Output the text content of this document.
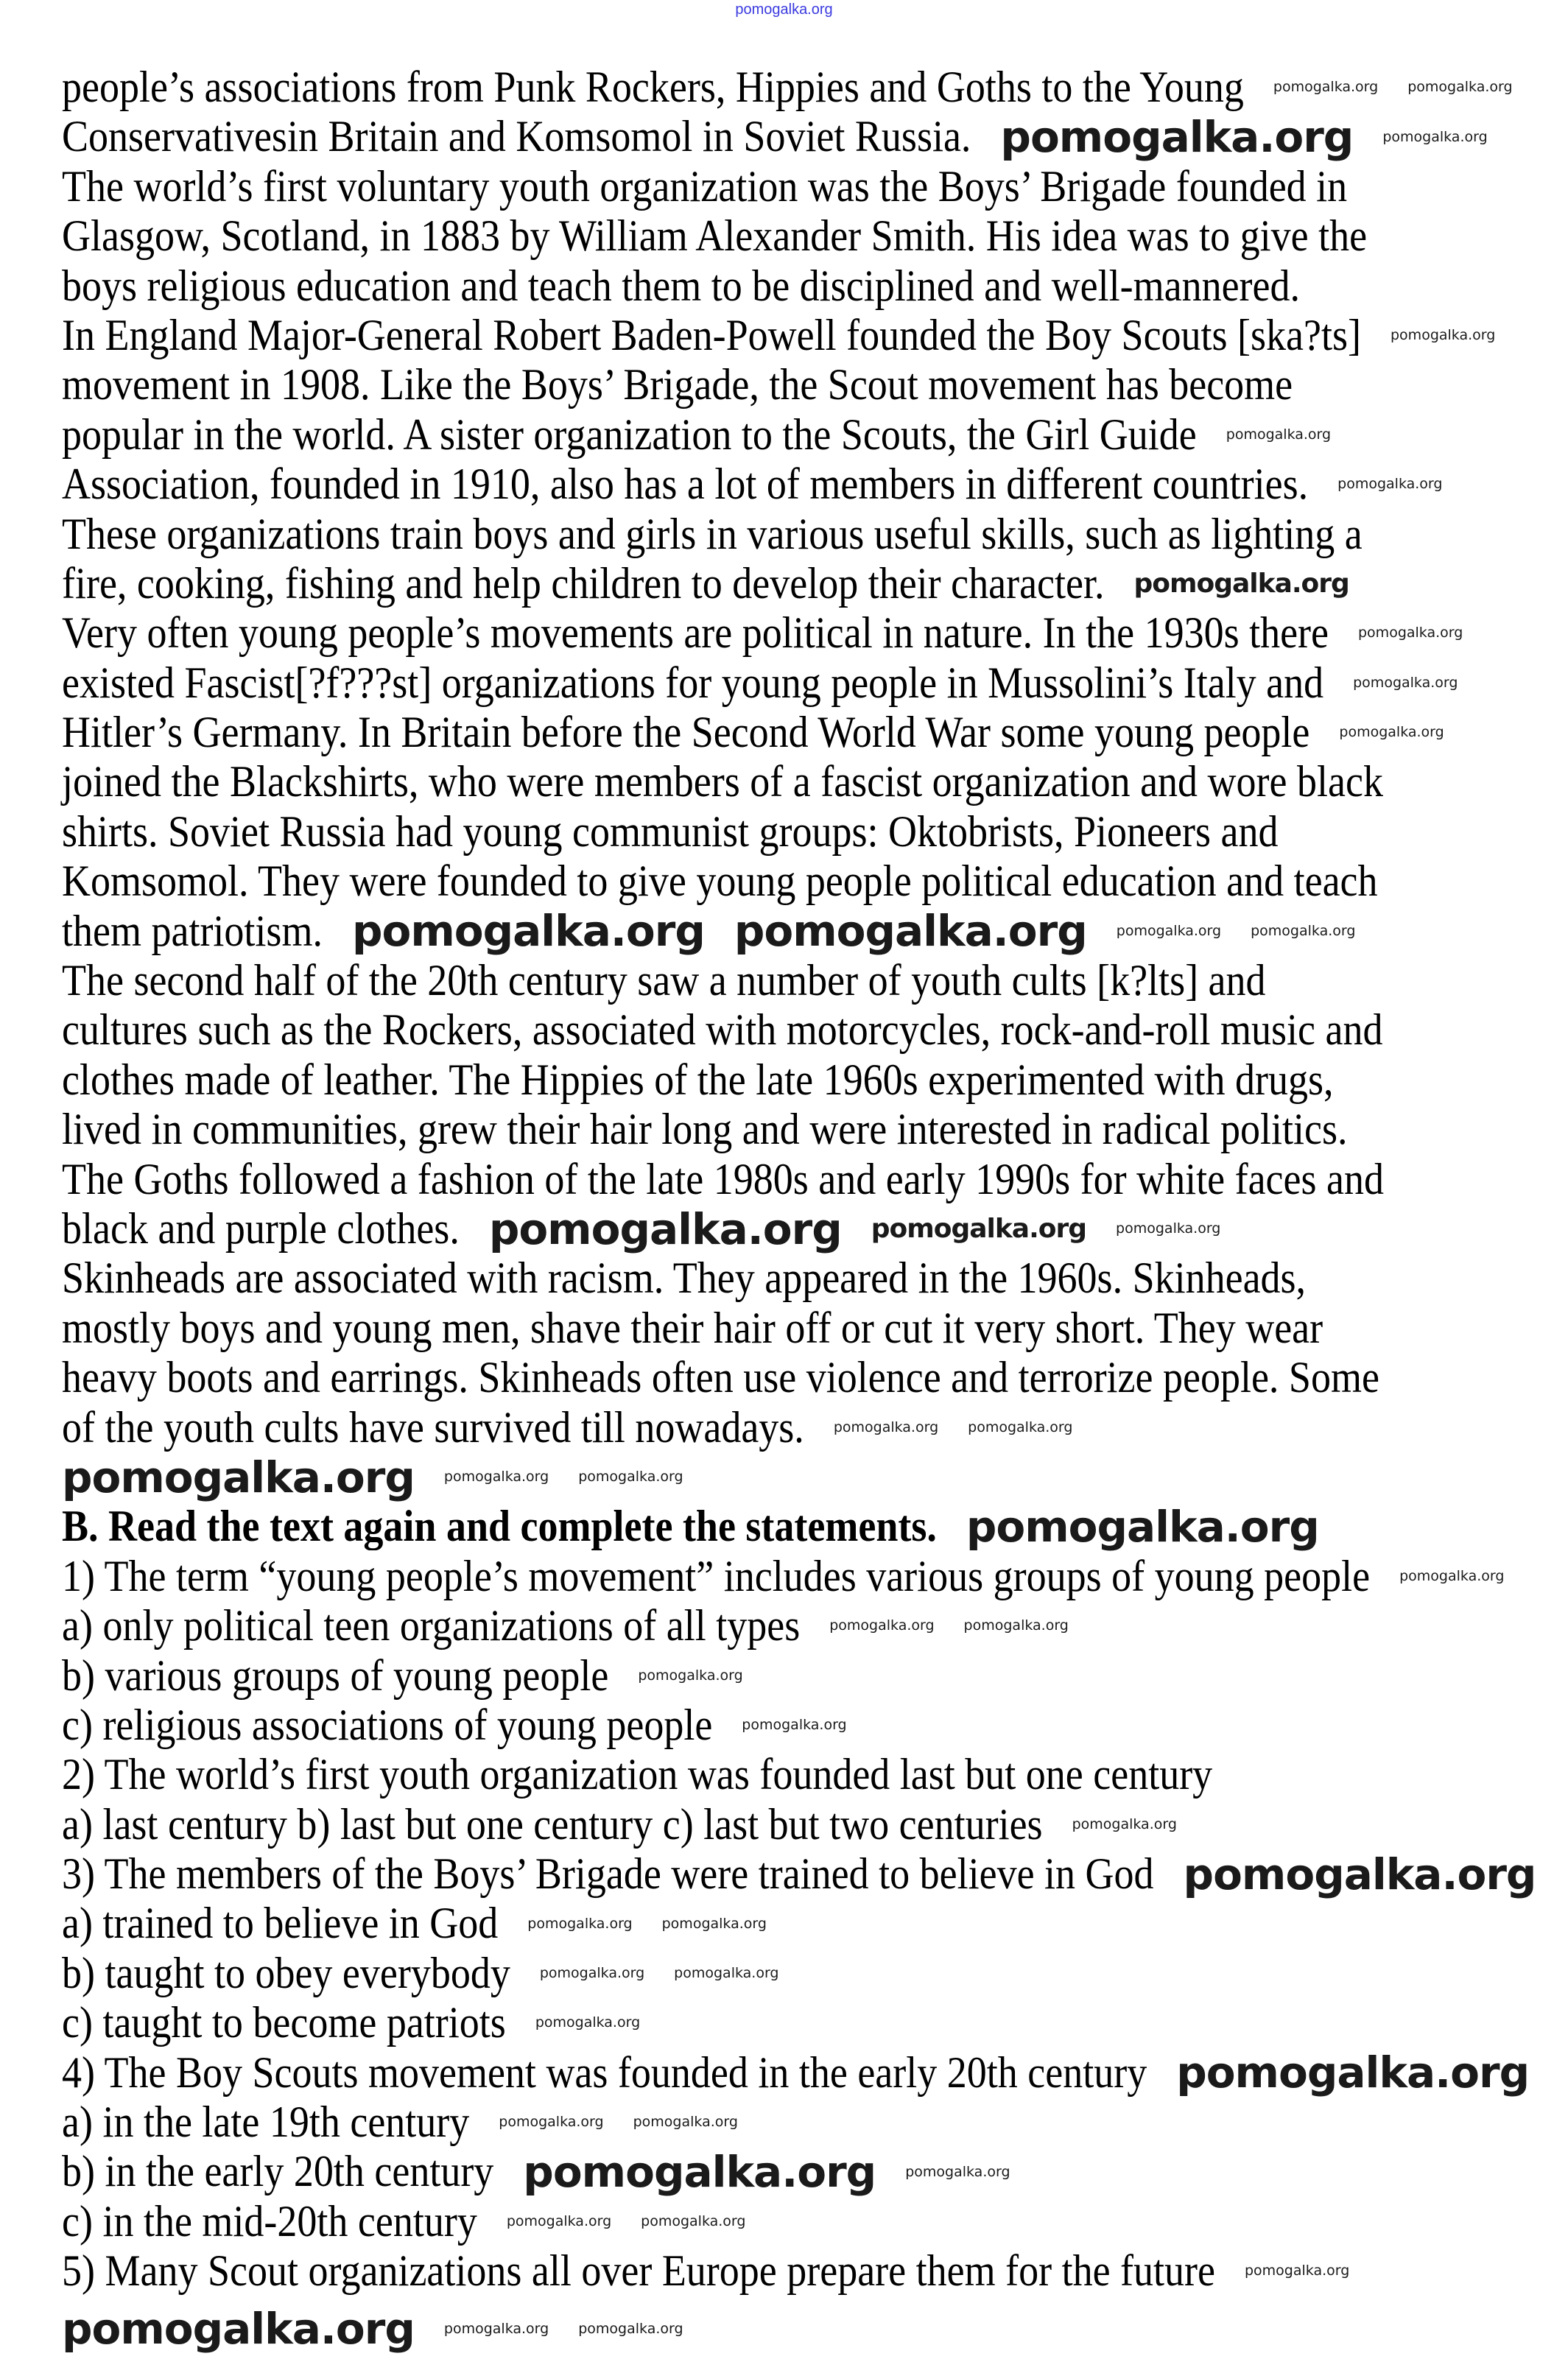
pomogalka.org
people’s associations from Punk Rockers, Hippies and Goths to the Young
Conservativesin Britain and Komsomol in Soviet Russia.
The world’s first voluntary youth organization was the Boys’ Brigade founded in
Glasgow, Scotland, in 1883 by William Alexander Smith. His idea was to give the
boys religious education and teach them to be disciplined and well-mannered.
In England Major-General Robert Baden-Powell founded the Boy Scouts [ska?ts]
movement in 1908. Like the Boys’ Brigade, the Scout movement has become
popular in the world. A sister organization to the Scouts, the Girl Guide
Association, founded in 1910, also has a lot of members in different countries.
These organizations train boys and girls in various useful skills, such as lighting a
fire, cooking, fishing and help children to develop their character.
Very often young people’s movements are political in nature. In the 1930s there
existed Fascist[?f???st] organizations for young people in Mussolini’s Italy and
Hitler’s Germany. In Britain before the Second World War some young people
joined the Blackshirts, who were members of a fascist organization and wore black
shirts. Soviet Russia had young communist groups: Oktobrists, Pioneers and
Komsomol. They were founded to give young people political education and teach
them patriotism.
The second half of the 20th century saw a number of youth cults [k?lts] and
cultures such as the Rockers, associated with motorcycles, rock-and-roll music and
clothes made of leather. The Hippies of the late 1960s experimented with drugs,
lived in communities, grew their hair long and were interested in radical politics.
The Goths followed a fashion of the late 1980s and early 1990s for white faces and
black and purple clothes.
Skinheads are associated with racism. They appeared in the 1960s. Skinheads,
mostly boys and young men, shave their hair off or cut it very short. They wear
heavy boots and earrings. Skinheads often use violence and terrorize people. Some
of the youth cults have survived till nowadays.
B. Read the text again and complete the statements.
1) The term “young people’s movement” includes various groups of young people
a) only political teen organizations of all types
b) various groups of young people
c) religious associations of young people
2) The world’s first youth organization was founded last but one century
a) last century b) last but one century c) last but two centuries
3) The members of the Boys’ Brigade were trained to believe in God
a) trained to believe in God
b) taught to obey everybody
c) taught to become patriots
4) The Boy Scouts movement was founded in the early 20th century
a) in the late 19th century
b) in the early 20th century
c) in the mid-20th century
5) Many Scout organizations all over Europe prepare them for the future
pomogalka.org
pomogalka.org
pomogalka.org pomogalka.org
pomogalka.org pomogalka.org
pomogalka.org
pomogalka.org
pomogalka.org
pomogalka.org
pomogalka.org
pomogalka.org
pomogalka.org pomogalka.org
pomogalka.org
pomogalka.org
pomogalka.org
pomogalka.org
pomogalka.org
pomogalka.org
pomogalka.org
pomogalka.org pomogalka.org
pomogalka.org
pomogalka.org pomogalka.org
pomogalka.org pomogalka.org
pomogalka.org
pomogalka.org pomogalka.org
pomogalka.org
pomogalka.org
pomogalka.org
pomogalka.org
pomogalka.org pomogalka.org
pomogalka.org pomogalka.org
pomogalka.org
pomogalka.org
pomogalka.org pomogalka.org
pomogalka.org
pomogalka.org pomogalka.org
pomogalka.org
